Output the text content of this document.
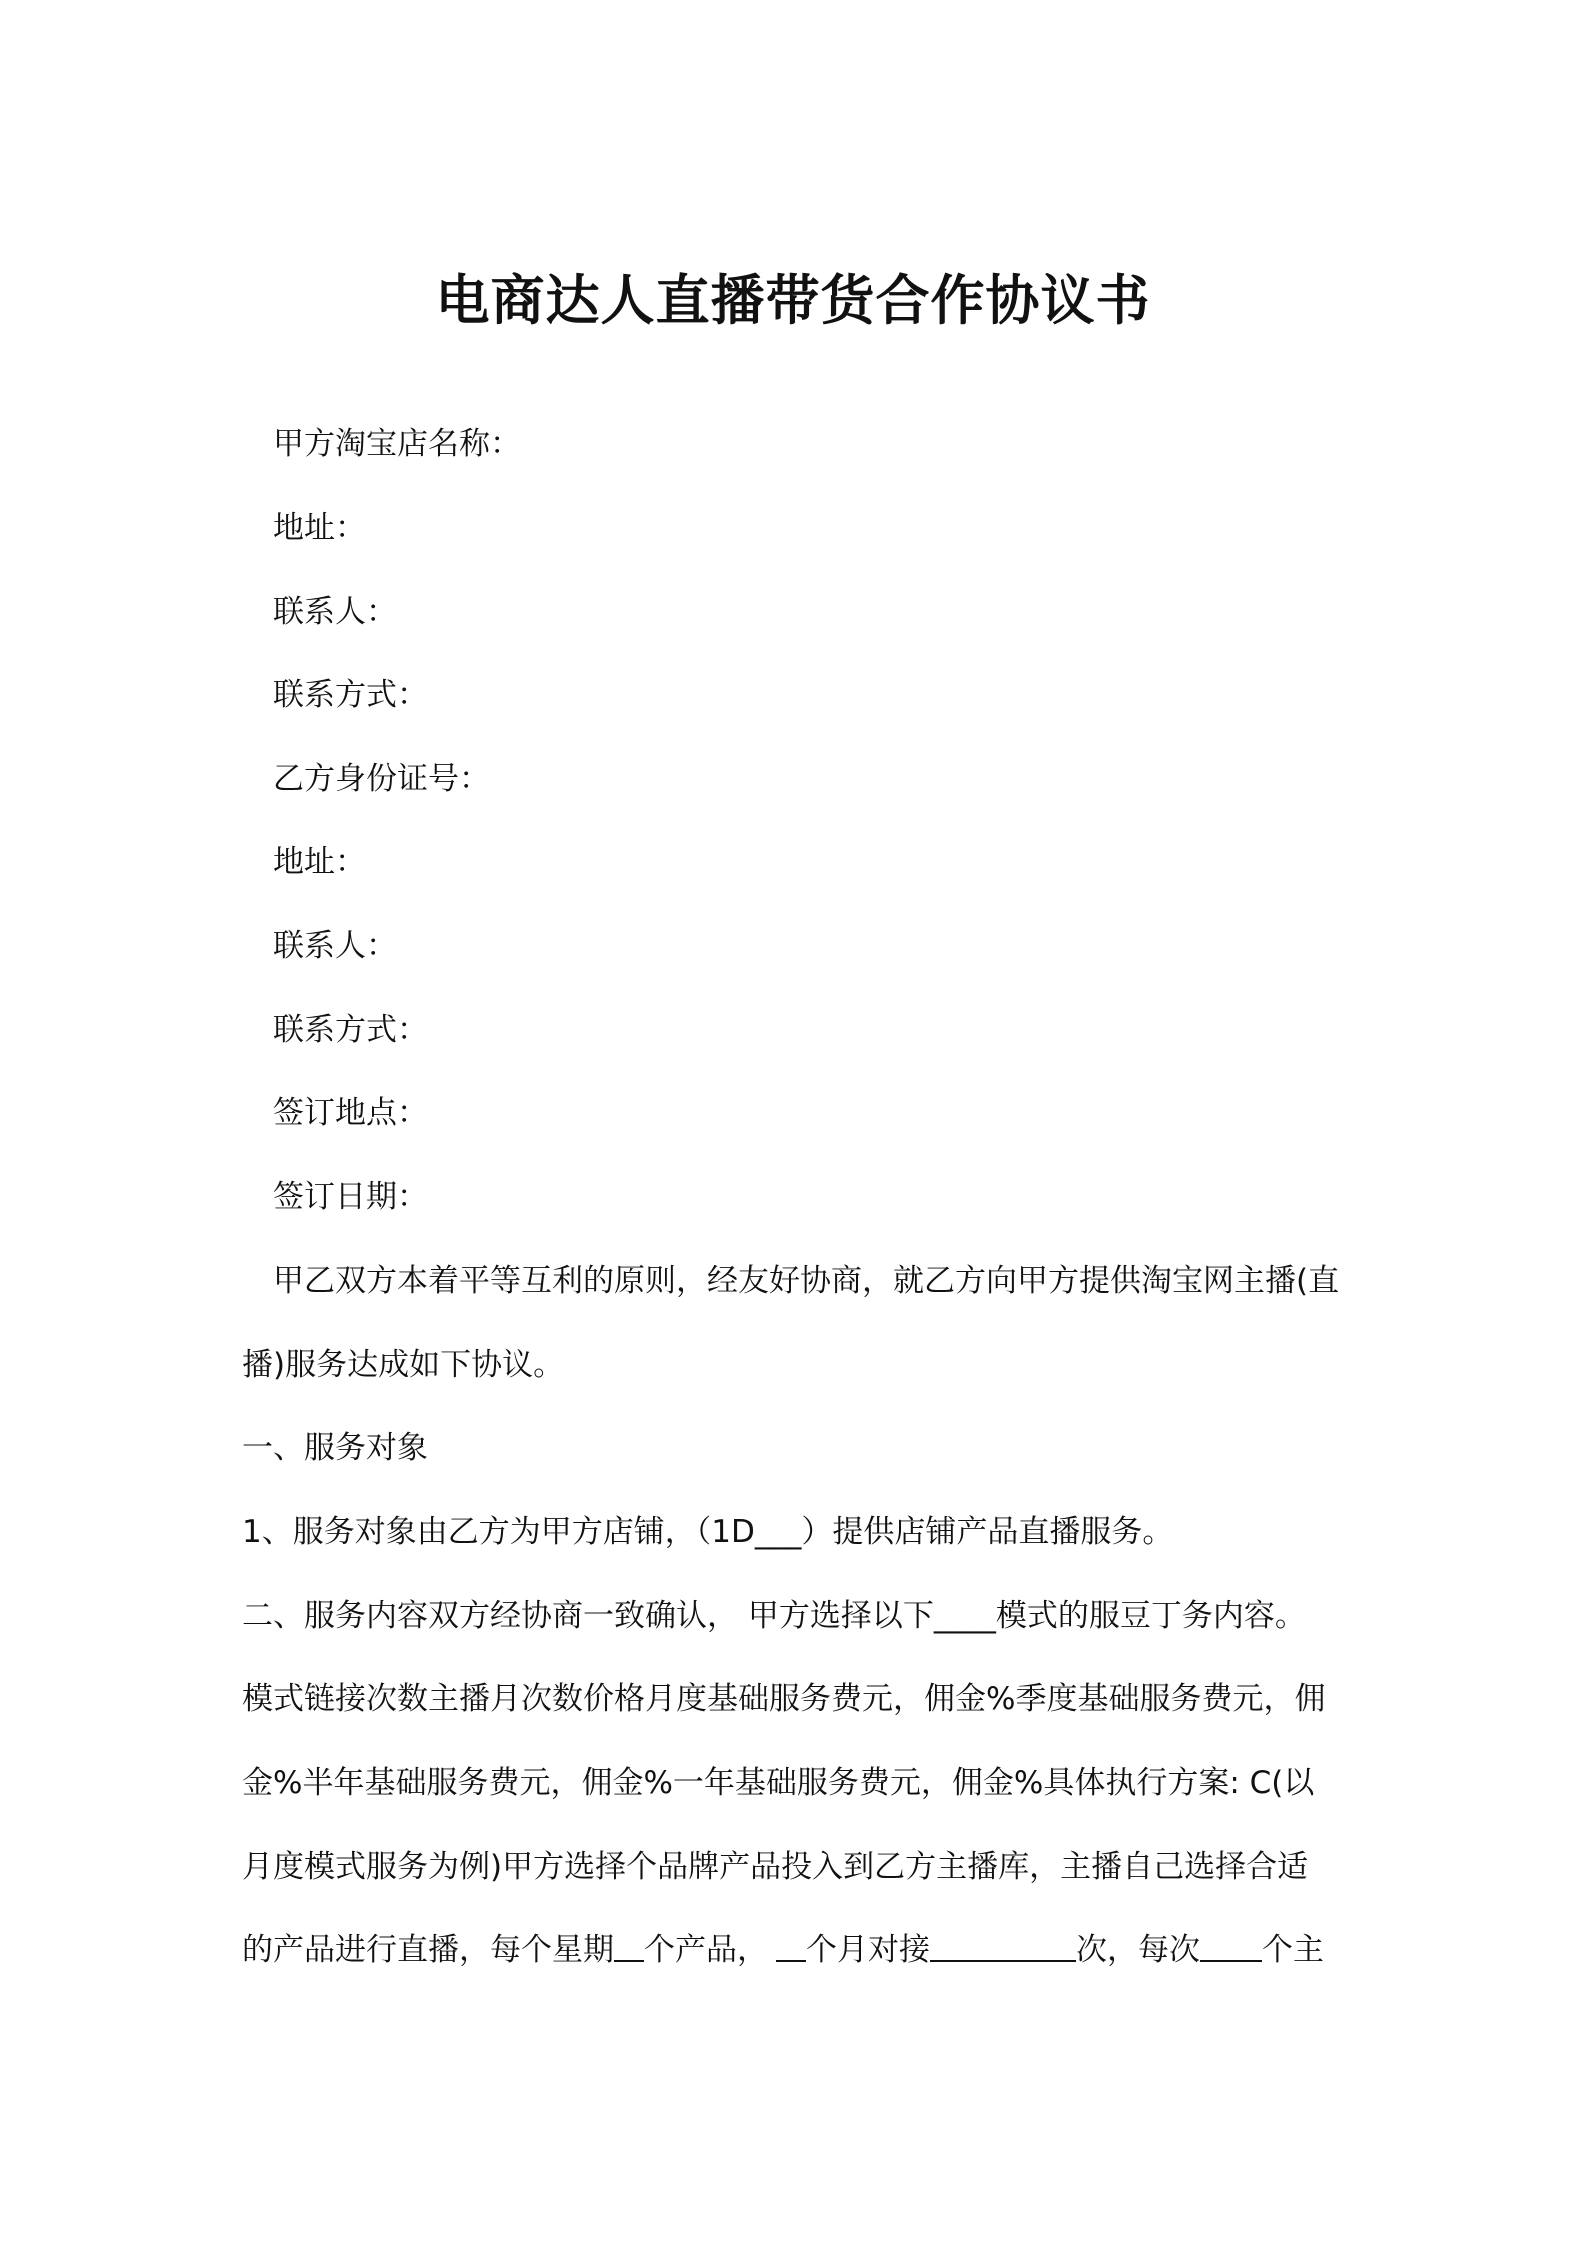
电商达人直播带货合作协议书
甲方淘宝店名称：
地址：
联系人：
联系方式：
乙方身份证号：
地址：
联系人：
联系方式：
签订地点：
签订日期：
甲乙双方本着平等互利的原则，经友好协商，就乙方向甲方提供淘宝网主播(直
播)服务达成如下协议。
一、服务对象
1、服务对象由乙方为甲方店铺，（1D___）提供店铺产品直播服务。
二、服务内容双方经协商一致确认， 甲方选择以下____模式的服豆丁务内容。
模式链接次数主播月次数价格月度基础服务费元，佣金%季度基础服务费元，佣
金%半年基础服务费元，佣金%一年基础服务费元，佣金%具体执行方案: C(以
月度模式服务为例)甲方选择个品牌产品投入到乙方主播库，主播自己选择合适
的产品进行直播，每个星期 个产品， 个月对接	次，每次 个主
